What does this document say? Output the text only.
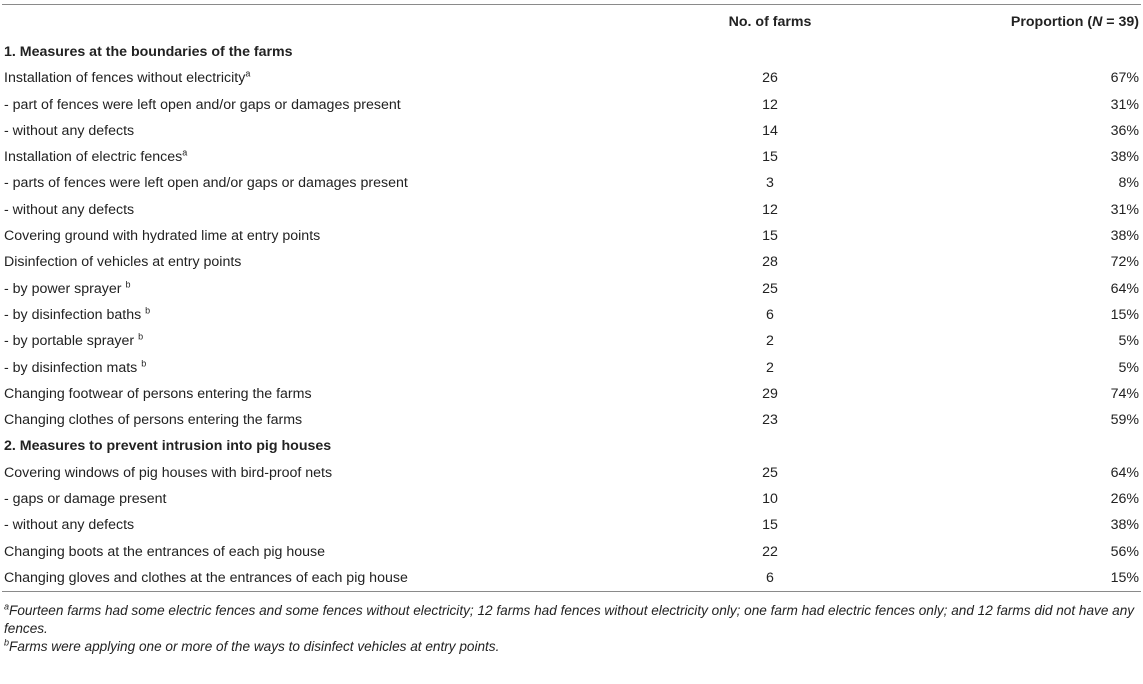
	No. of farms	Proportion (N = 39)
1. Measures at the boundaries of the farms		
Installation of fences without electricity$^a$	26	67%
- part of fences were left open and/or gaps or damages present	12	31%
- without any defects	14	36%
Installation of electric fences$^a$	15	38%
- parts of fences were left open and/or gaps or damages present	3	8%
- without any defects	12	31%
Covering ground with hydrated lime at entry points	15	38%
Disinfection of vehicles at entry points	28	72%
- by power sprayer $^b$	25	64%
- by disinfection baths $^b$	6	15%
- by portable sprayer $^b$	2	5%
- by disinfection mats $^b$	2	5%
Changing footwear of persons entering the farms	29	74%
Changing clothes of persons entering the farms	23	59%
2. Measures to prevent intrusion into pig houses		
Covering windows of pig houses with bird-proof nets	25	64%
- gaps or damage present	10	26%
- without any defects	15	38%
Changing boots at the entrances of each pig house	22	56%
Changing gloves and clothes at the entrances of each pig house	6	15%
$^a$Fourteen farms had some electric fences and some fences without electricity; 12 farms had fences without electricity only; one farm had electric fences only; and 12 farms did not have any fences.
$^b$Farms were applying one or more of the ways to disinfect vehicles at entry points.
